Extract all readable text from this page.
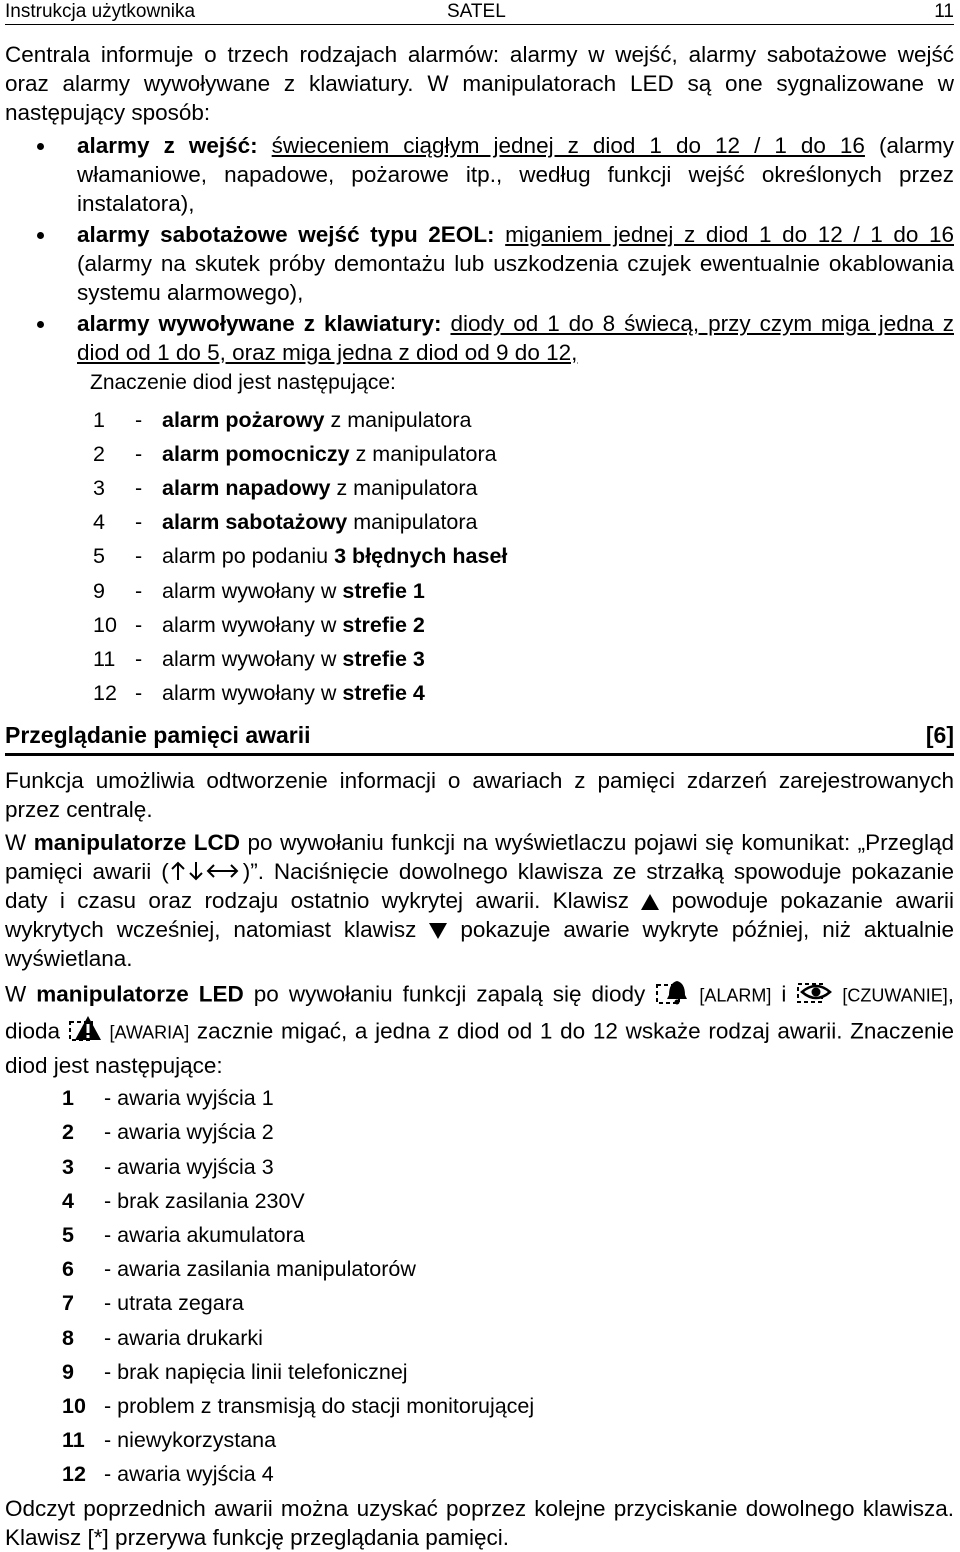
Instrukcja użytkownika	SATEL	11

Centrala informuje o trzech rodzajach alarmów: alarmy w wejść, alarmy sabotażowe wejść oraz alarmy wywoływane z klawiatury. W manipulatorach LED są one sygnalizowane w następujący sposób:

alarmy z wejść: świeceniem ciągłym jednej z diod 1 do 12 / 1 do 16 (alarmy włamaniowe, napadowe, pożarowe itp., według funkcji wejść określonych przez instalatora),
alarmy sabotażowe wejść typu 2EOL: miganiem jednej z diod 1 do 12 / 1 do 16 (alarmy na skutek próby demontażu lub uszkodzenia czujek ewentualnie okablowania systemu alarmowego),
alarmy wywoływane z klawiatury: diody od 1 do 8 świecą, przy czym miga jedna z diod od 1 do 5, oraz miga jedna z diod od 9 do 12,
Znaczenie diod jest następujące:
1	-	alarm pożarowy z manipulatora
2	-	alarm pomocniczy z manipulatora
3	-	alarm napadowy z manipulatora
4	-	alarm sabotażowy manipulatora
5	-	alarm po podaniu 3 błędnych haseł
9	-	alarm wywołany w strefie 1
10	-	alarm wywołany w strefie 2
11	-	alarm wywołany w strefie 3
12	-	alarm wywołany w strefie 4
Przeglądanie pamięci awarii	[6]

Funkcja umożliwia odtworzenie informacji o awariach z pamięci zdarzeń zarejestrowanych przez centralę.

W manipulatorze LCD po wywołaniu funkcji na wyświetlaczu pojawi się komunikat: „Przegląd pamięci awarii (	)”. Naciśnięcie dowolnego klawisza ze strzałką spowoduje pokazanie daty i czasu oraz rodzaju ostatnio wykrytej awarii. Klawisz  powoduje pokazanie awarii wykrytych wcześniej, natomiast klawisz  pokazuje awarie wykryte później, niż aktualnie wyświetlana.

W manipulatorze LED po wywołaniu funkcji zapalą się diody  [ALARM] i	[CZUWANIE], dioda  [AWARIA] zacznie migać, a jedna z diod od 1 do 12 wskaże rodzaj awarii. Znaczenie diod jest następujące:

1	- awaria wyjścia 1
2	- awaria wyjścia 2
3	- awaria wyjścia 3
4	- brak zasilania 230V
5	- awaria akumulatora
6	- awaria zasilania manipulatorów
7	- utrata zegara
8	- awaria drukarki
9	- brak napięcia linii telefonicznej
10	- problem z transmisją do stacji monitorującej
11	- niewykorzystana
12	- awaria wyjścia 4

Odczyt poprzednich awarii można uzyskać poprzez kolejne przyciskanie dowolnego klawisza. Klawisz [*] przerywa funkcję przeglądania pamięci.
